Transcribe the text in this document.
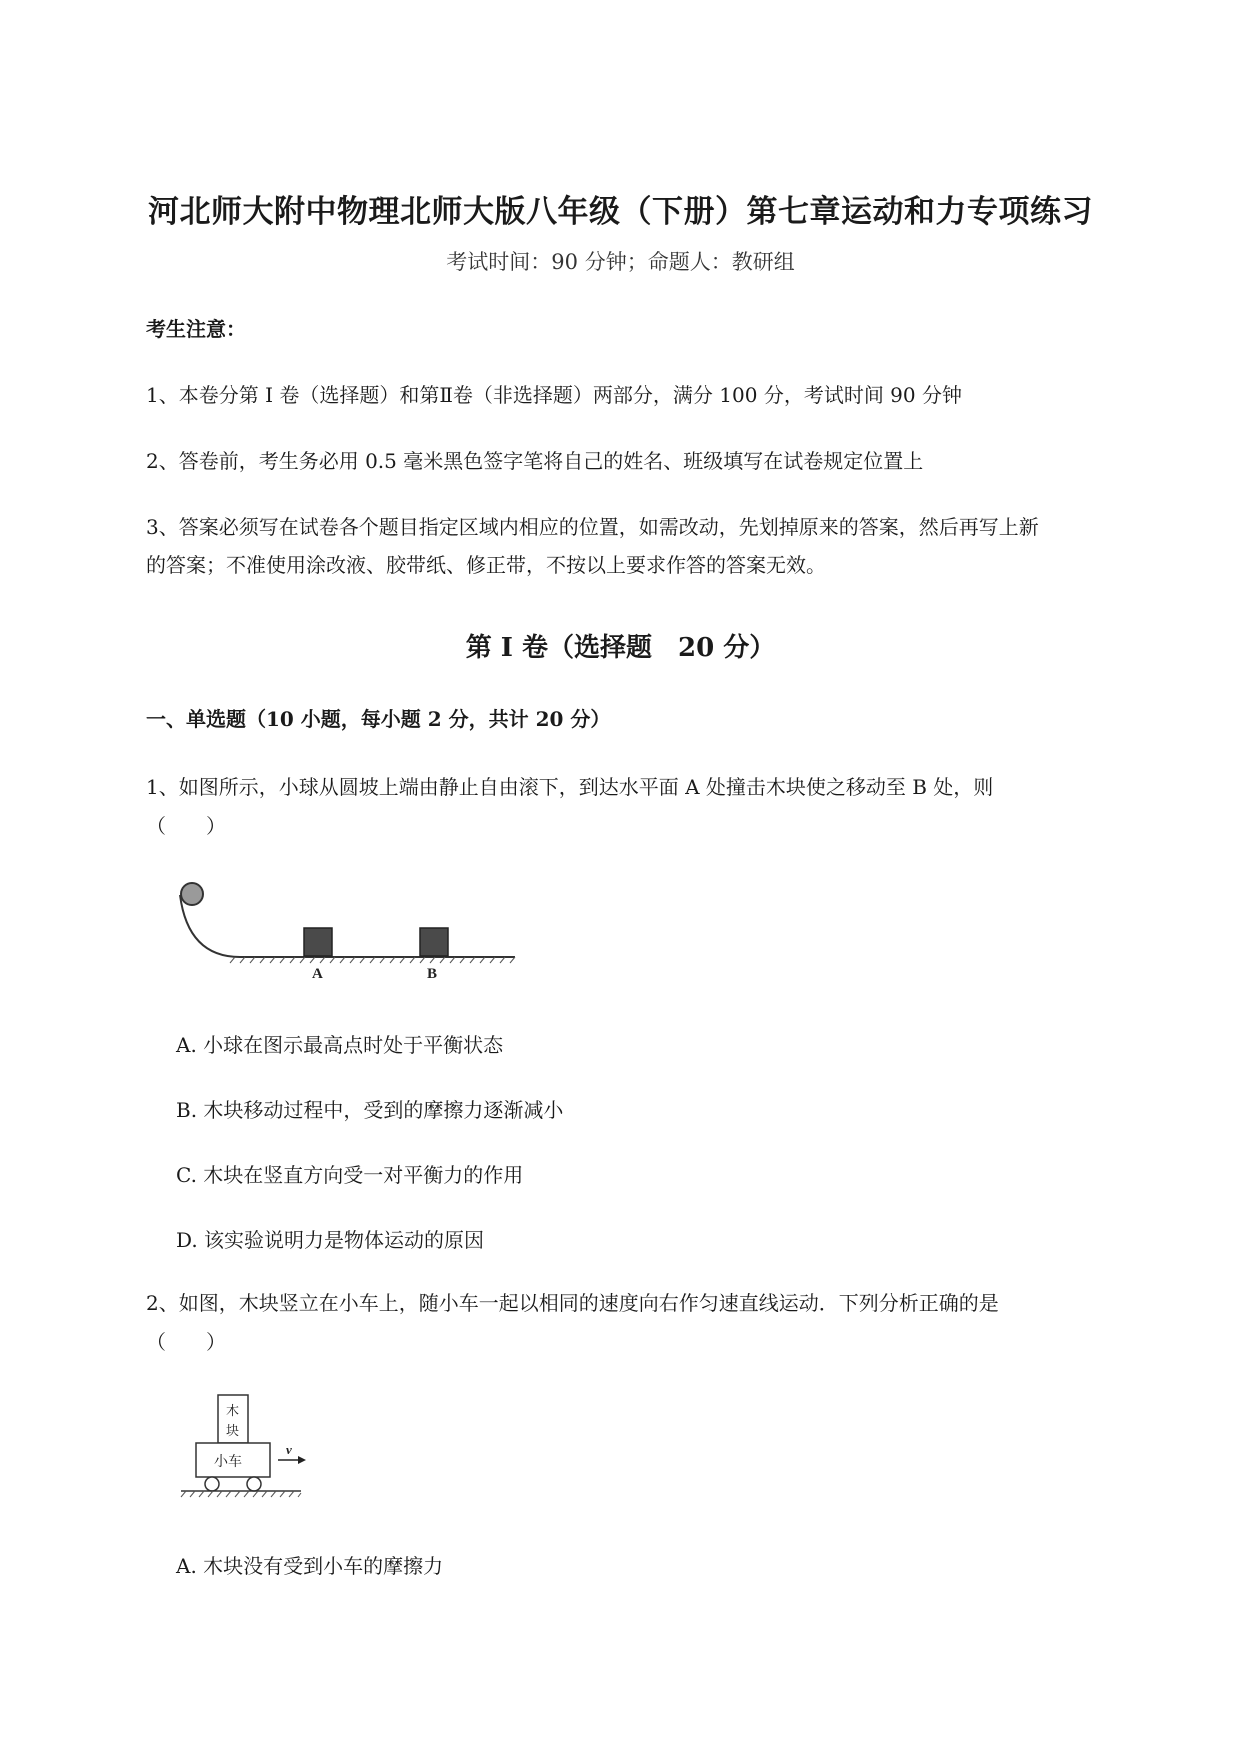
河北师大附中物理北师大版八年级（下册）第七章运动和力专项练习
考试时间：90 分钟；命题人：教研组
考生注意：
1、本卷分第 I 卷（选择题）和第Ⅱ卷（非选择题）两部分，满分 100 分，考试时间 90 分钟
2、答卷前，考生务必用 0.5 毫米黑色签字笔将自己的姓名、班级填写在试卷规定位置上
3、答案必须写在试卷各个题目指定区域内相应的位置，如需改动，先划掉原来的答案，然后再写上新
的答案；不准使用涂改液、胶带纸、修正带，不按以上要求作答的答案无效。
第 I 卷（选择题　20 分）
一、单选题（10 小题，每小题 2 分，共计 20 分）
1、如图所示，小球从圆坡上端由静止自由滚下，到达水平面 A 处撞击木块使之移动至 B 处，则
（　　）
A	B
A. 小球在图示最高点时处于平衡状态
B. 木块移动过程中，受到的摩擦力逐渐减小
C. 木块在竖直方向受一对平衡力的作用
D. 该实验说明力是物体运动的原因
2、如图，木块竖立在小车上，随小车一起以相同的速度向右作匀速直线运动．下列分析正确的是
（　　）
木
块
小车
v
A. 木块没有受到小车的摩擦力
